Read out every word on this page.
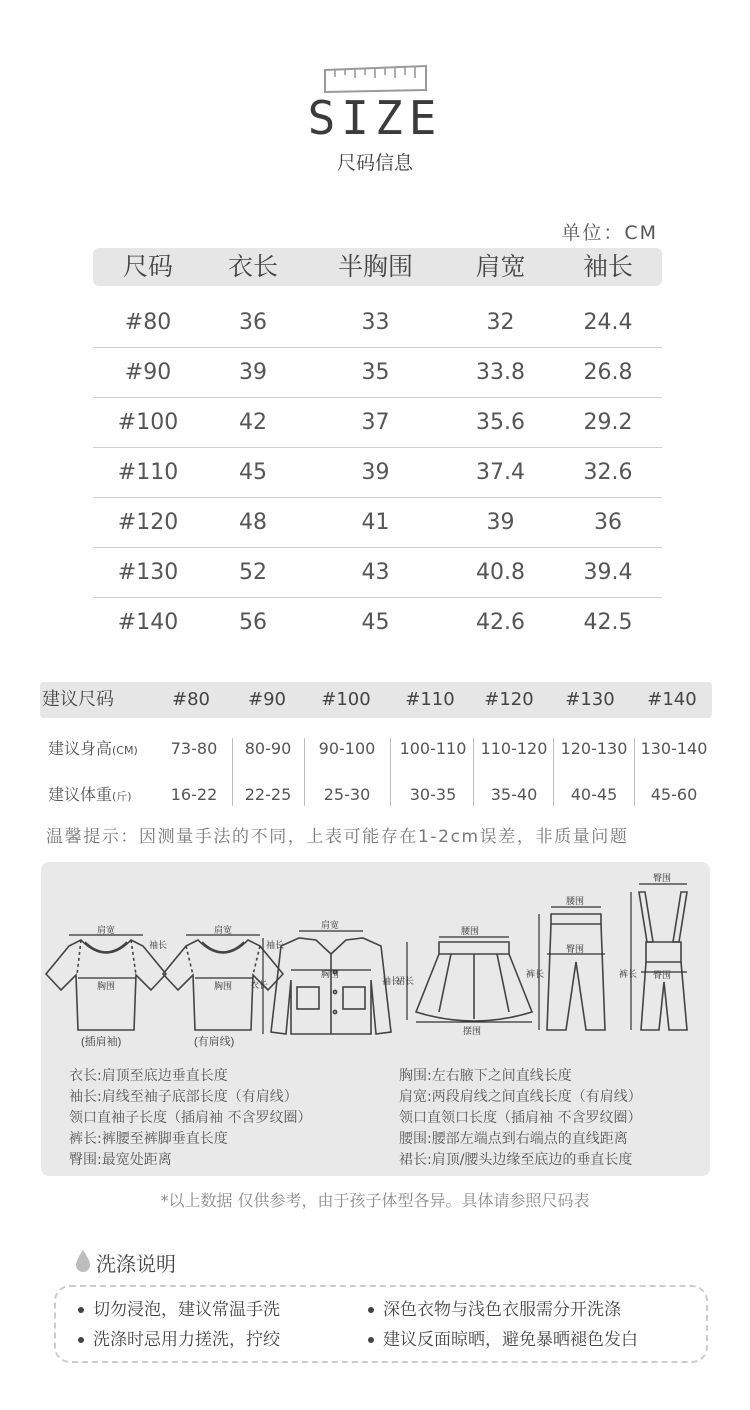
SIZE
尺码信息
单位：CM
尺码	衣长	半胸围	肩宽	袖长
#80	36	33	32	24.4
#90	39	35	33.8	26.8
#100	42	37	35.6	29.2
#110	45	39	37.4	32.6
#120	48	41	39	36
#130	52	43	40.8	39.4
#140	56	45	42.6	42.5
建议尺码	#80	#90	#100	#110	#120	#130	#140
建议身高(CM)	73-80	80-90	90-100	100-110 110-120 120-130 130-140
建议体重(斤)	16-22	22-25	25-30	30-35	35-40	40-45	45-60
温馨提示：因测量手法的不同，上表可能存在1-2cm误差，非质量问题
肩宽	肩宽
袖长	袖长
胸围	胸围
肩宽
胸围
袖长
衣长
腰围
摆围
裙长
腰围
臀围
裤长
臀围
臀围
裤长
(插肩袖)	(有肩线)
衣长:肩顶至底边垂直长度
袖长:肩线至袖子底部长度（有肩线）
领口直袖子长度（插肩袖 不含罗纹圈）
裤长:裤腰至裤脚垂直长度
臀围:最宽处距离
胸围:左右腋下之间直线长度
肩宽:两段肩线之间直线长度（有肩线）
领口直领口长度（插肩袖 不含罗纹圈）
腰围:腰部左端点到右端点的直线距离
裙长:肩顶/腰头边缘至底边的垂直长度
*以上数据 仅供参考，由于孩子体型各异。具体请参照尺码表
洗涤说明
切勿浸泡，建议常温手洗	深色衣物与浅色衣服需分开洗涤
洗涤时忌用力搓洗，拧绞	建议反面晾晒，避免暴晒褪色发白
